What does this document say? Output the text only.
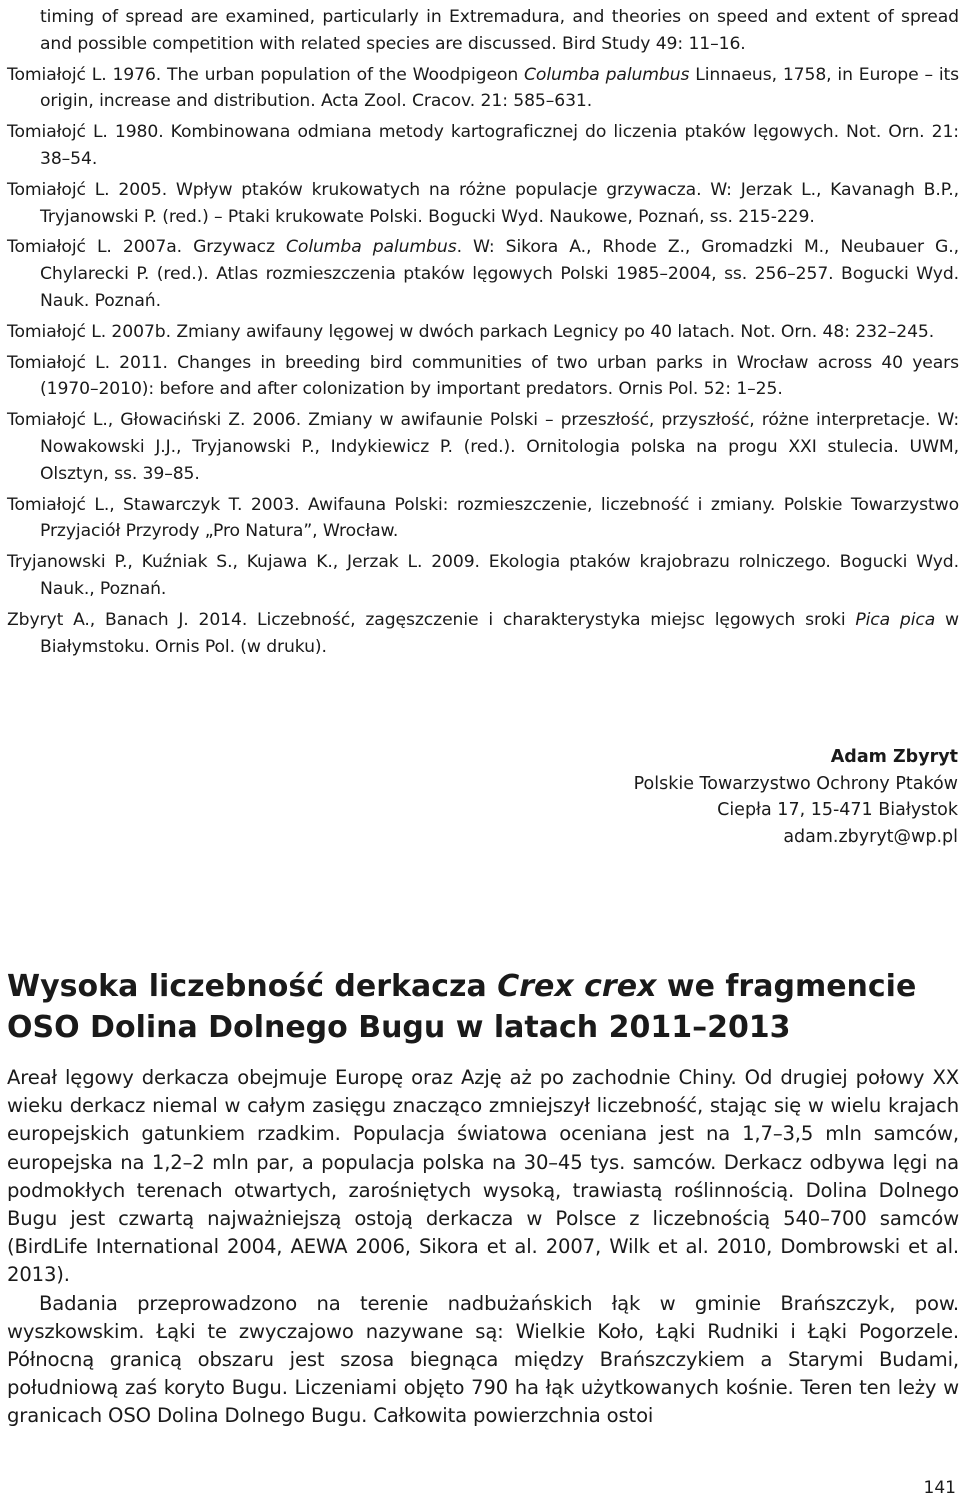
timing of spread are examined, particularly in Extremadura, and theories on speed and extent of spread and possible competition with related species are discussed. Bird Study 49: 11–16.

Tomiałojć L. 1976. The urban population of the Woodpigeon Columba palumbus Linnaeus, 1758, in Europe – its origin, increase and distribution. Acta Zool. Cracov. 21: 585–631.

Tomiałojć L. 1980. Kombinowana odmiana metody kartograficznej do liczenia ptaków lęgowych. Not. Orn. 21: 38–54.

Tomiałojć L. 2005. Wpływ ptaków krukowatych na różne populacje grzywacza. W: Jerzak L., Kavanagh B.P., Tryjanowski P. (red.) – Ptaki krukowate Polski. Bogucki Wyd. Naukowe, Poznań, ss. 215-229.

Tomiałojć L. 2007a. Grzywacz Columba palumbus. W: Sikora A., Rhode Z., Gromadzki M., Neubauer G., Chylarecki P. (red.). Atlas rozmieszczenia ptaków lęgowych Polski 1985–2004, ss. 256–257. Bogucki Wyd. Nauk. Poznań.

Tomiałojć L. 2007b. Zmiany awifauny lęgowej w dwóch parkach Legnicy po 40 latach. Not. Orn. 48: 232–245.

Tomiałojć L. 2011. Changes in breeding bird communities of two urban parks in Wrocław across 40 years (1970–2010): before and after colonization by important predators. Ornis Pol. 52: 1–25.

Tomiałojć L., Głowaciński Z. 2006. Zmiany w awifaunie Polski – przeszłość, przyszłość, różne interpretacje. W: Nowakowski J.J., Tryjanowski P., Indykiewicz P. (red.). Ornitologia polska na progu XXI stulecia. UWM, Olsztyn, ss. 39–85.

Tomiałojć L., Stawarczyk T. 2003. Awifauna Polski: rozmieszczenie, liczebność i zmiany. Polskie Towarzystwo Przyjaciół Przyrody „Pro Natura”, Wrocław.

Tryjanowski P., Kuźniak S., Kujawa K., Jerzak L. 2009. Ekologia ptaków krajobrazu rolniczego. Bogucki Wyd. Nauk., Poznań.

Zbyryt A., Banach J. 2014. Liczebność, zagęszczenie i charakterystyka miejsc lęgowych sroki Pica pica w Białymstoku. Ornis Pol. (w druku).

Adam Zbyryt
Polskie Towarzystwo Ochrony Ptaków
Ciepła 17, 15-471 Białystok
adam.zbyryt@wp.pl
Wysoka liczebność derkacza Crex crex we fragmencie OSO Dolina Dolnego Bugu w latach 2011–2013

Areał lęgowy derkacza obejmuje Europę oraz Azję aż po zachodnie Chiny. Od drugiej połowy XX wieku derkacz niemal w całym zasięgu znacząco zmniejszył liczebność, stając się w wielu krajach europejskich gatunkiem rzadkim. Populacja światowa oceniana jest na 1,7–3,5 mln samców, europejska na 1,2–2 mln par, a populacja polska na 30–45 tys. samców. Derkacz odbywa lęgi na podmokłych terenach otwartych, zarośniętych wysoką, trawiastą roślinnością. Dolina Dolnego Bugu jest czwartą najważniejszą ostoją derkacza w Polsce z liczebnością 540–700 samców (BirdLife International 2004, AEWA 2006, Sikora et al. 2007, Wilk et al. 2010, Dombrowski et al. 2013).

Badania przeprowadzono na terenie nadbużańskich łąk w gminie Brańszczyk, pow. wyszkowskim. Łąki te zwyczajowo nazywane są: Wielkie Koło, Łąki Rudniki i Łąki Pogorzele. Północną granicą obszaru jest szosa biegnąca między Brańszczykiem a Starymi Budami, południową zaś koryto Bugu. Liczeniami objęto 790 ha łąk użytkowanych kośnie. Teren ten leży w granicach OSO Dolina Dolnego Bugu. Całkowita powierzchnia ostoi

141
